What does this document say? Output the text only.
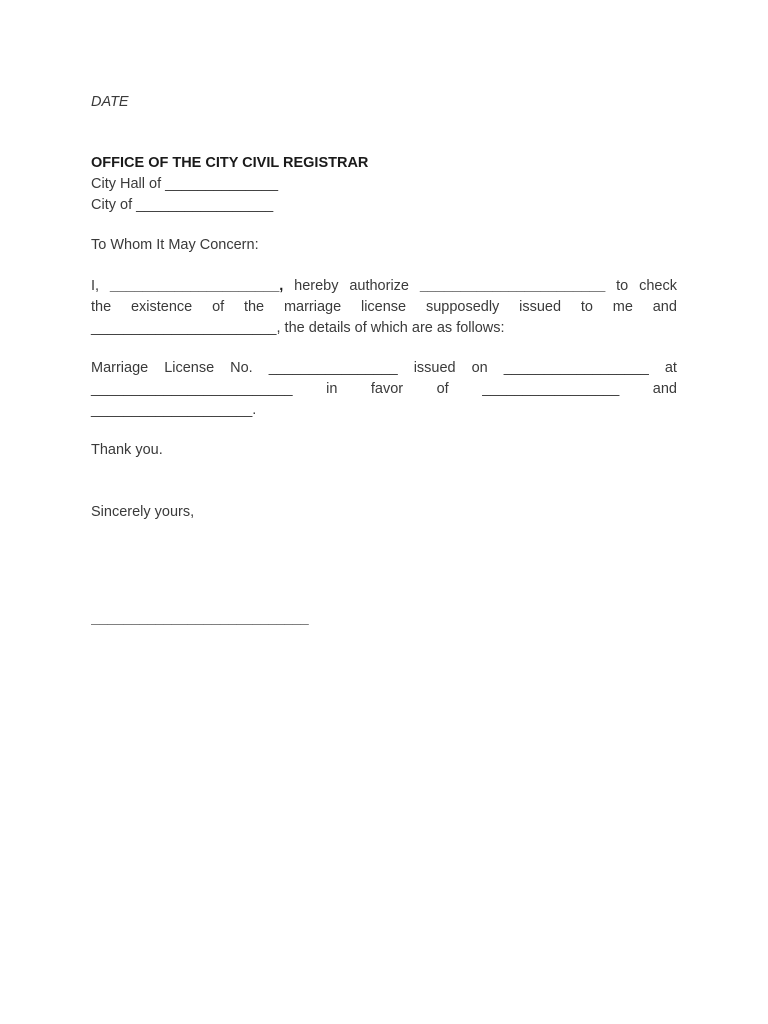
DATE
OFFICE OF THE CITY CIVIL REGISTRAR
City Hall of ______________
City of _________________
To Whom It May Concern:
I, _____________________, hereby authorize _______________________ to check
the existence of the marriage license supposedly issued to me and
_______________________, the details of which are as follows:
Marriage License No. ________________ issued on __________________ at
_________________________ in favor of _________________ and
____________________.
Thank you.
Sincerely yours,
___________________________
